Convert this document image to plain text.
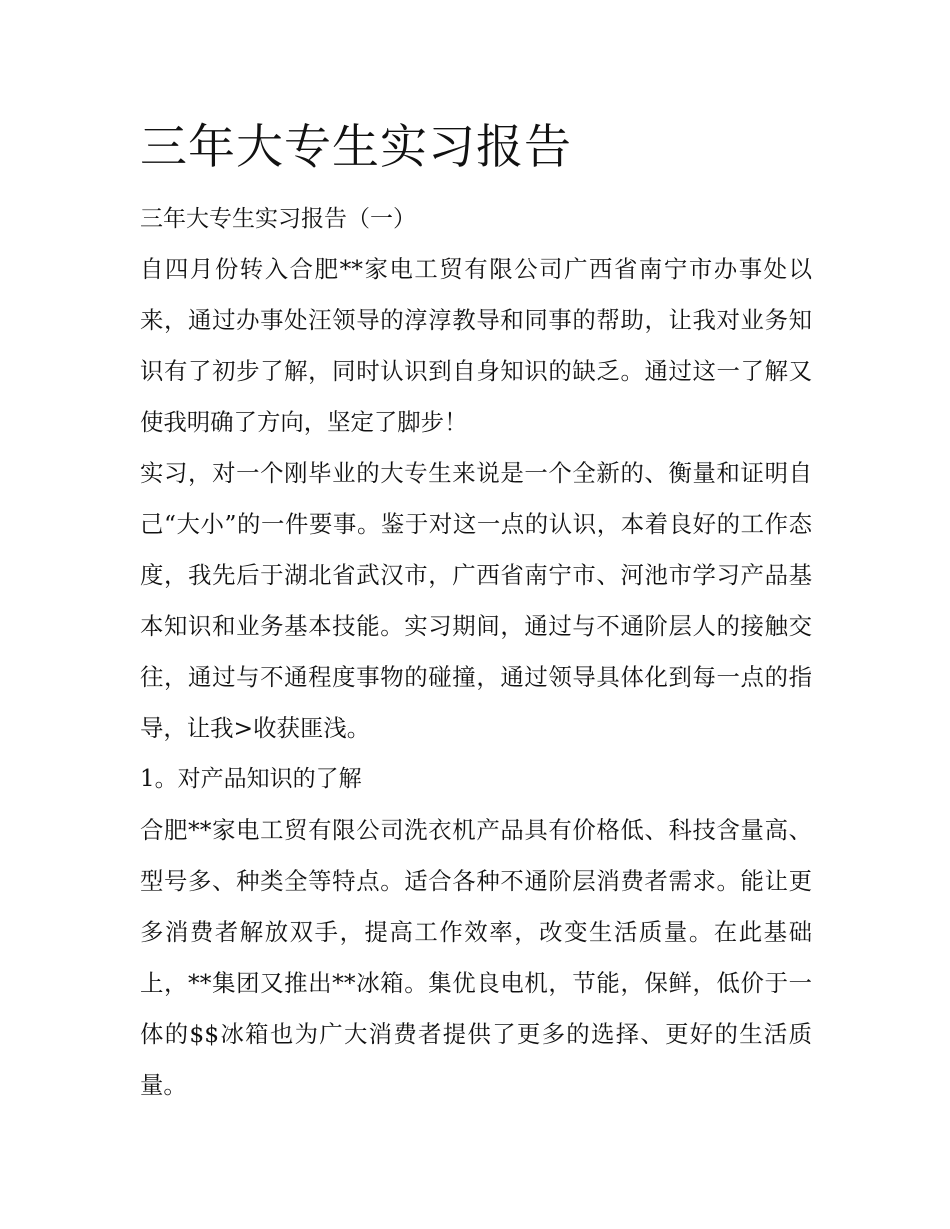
三年大专生实习报告

三年大专生实习报告（一）

自四月份转入合肥**家电工贸有限公司广西省南宁市办事处以来，通过办事处汪领导的淳淳教导和同事的帮助，让我对业务知识有了初步了解，同时认识到自身知识的缺乏。通过这一了解又使我明确了方向，坚定了脚步！

实习，对一个刚毕业的大专生来说是一个全新的、衡量和证明自己“大小”的一件要事。鉴于对这一点的认识，本着良好的工作态度，我先后于湖北省武汉市，广西省南宁市、河池市学习产品基本知识和业务基本技能。实习期间，通过与不通阶层人的接触交往，通过与不通程度事物的碰撞，通过领导具体化到每一点的指导，让我>收获匪浅。

1。对产品知识的了解

合肥**家电工贸有限公司洗衣机产品具有价格低、科技含量高、型号多、种类全等特点。适合各种不通阶层消费者需求。能让更多消费者解放双手，提高工作效率，改变生活质量。在此基础上，**集团又推出**冰箱。集优良电机，节能，保鲜，低价于一体的$$冰箱也为广大消费者提供了更多的选择、更好的生活质量。
